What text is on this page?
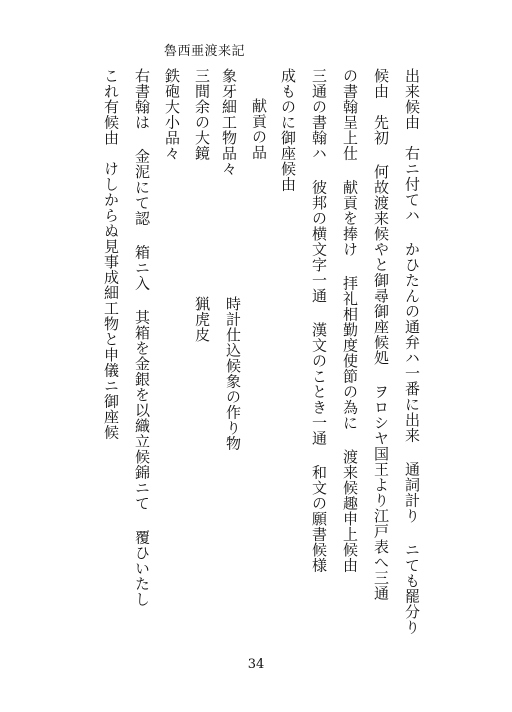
魯西亜渡来記
出来候由　右ニ付てハ かひたんの通弁ハ一番に出来 通詞計り ニても罷分り
候由　先初 何故渡来候やと御尋御座候処 ヲロシヤ国王より江戸表へ三通
の書翰呈上仕 献貢を捧け 拝礼相勤度使節の為に 渡来候趣申上候由
三通の書翰ハ 彼邦の横文字一通 漢文のことき一通 和文の願書候様
成ものに御座候由
献貢の品
象牙細工物品々
時計仕込候象の作り物
三間余の大鏡
猟虎皮
鉄砲大小品々
右書翰は 金泥にて認 箱ニ入 其箱を金銀を以織立候錦ニて 覆ひいたし
これ有候由　けしからぬ見事成細工物と申儀ニ御座候
34
